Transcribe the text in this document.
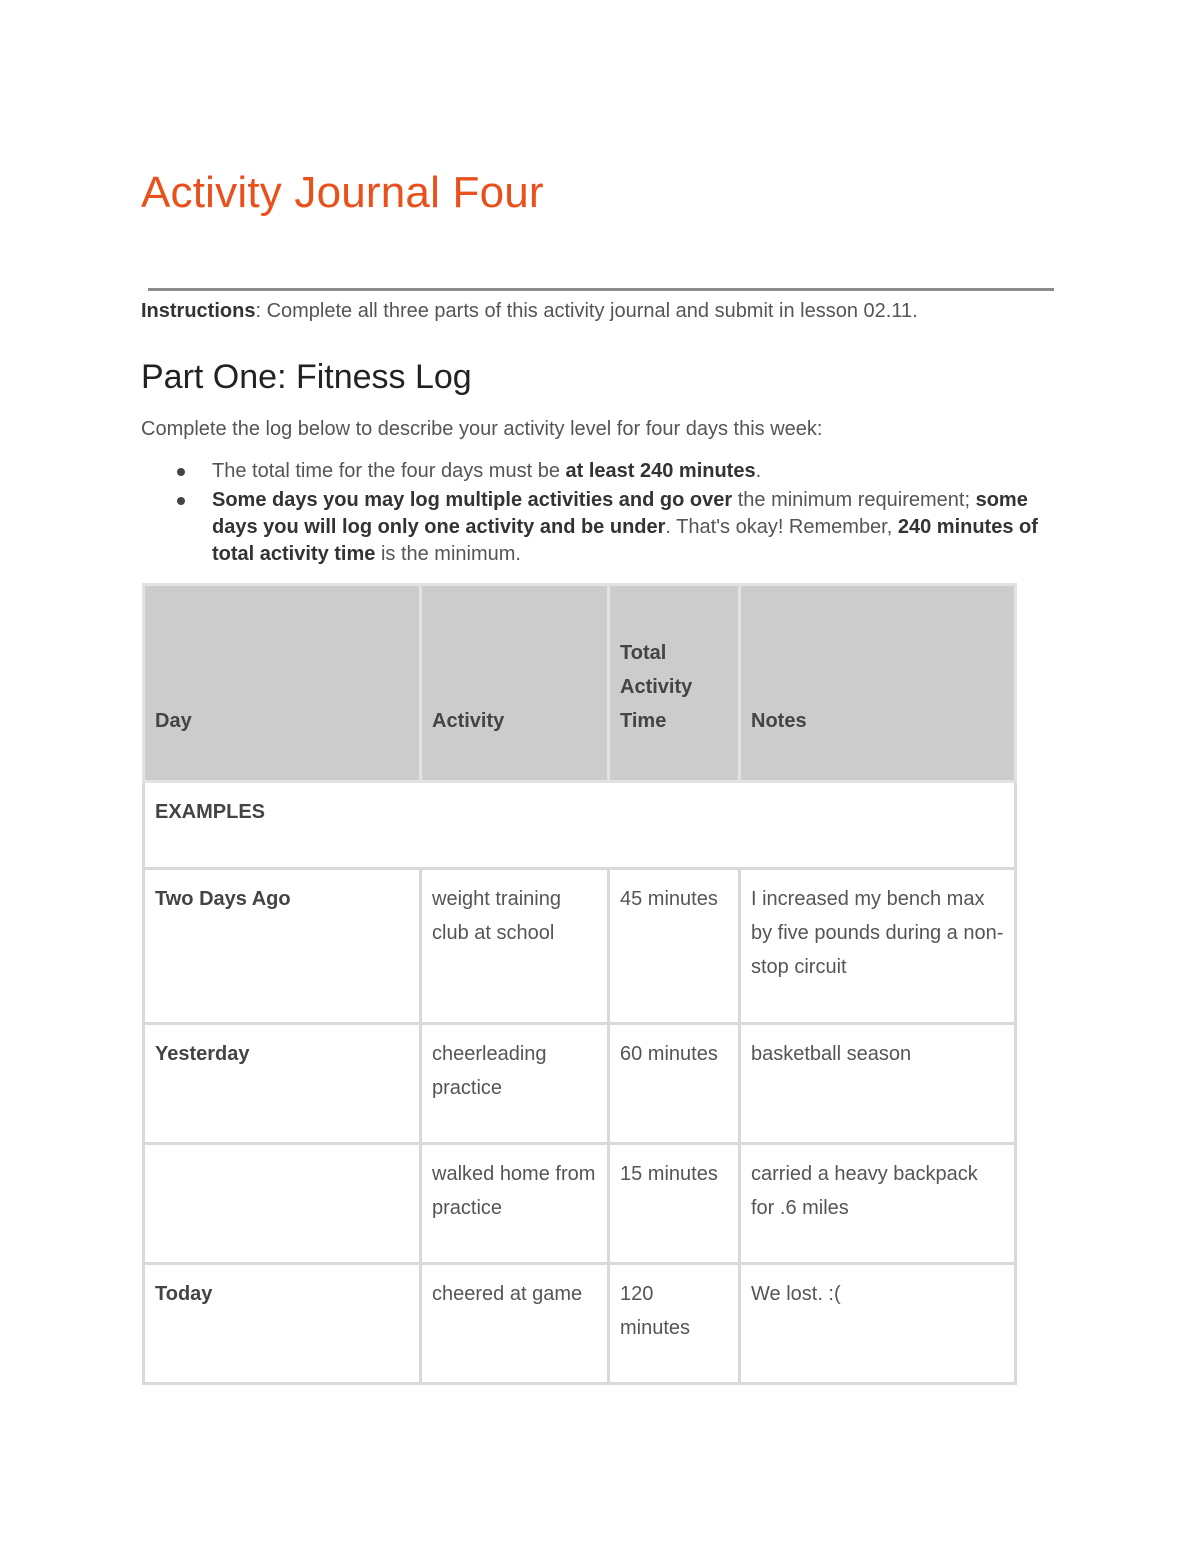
Activity Journal Four

Instructions: Complete all three parts of this activity journal and submit in lesson 02.11.

Part One: Fitness Log

Complete the log below to describe your activity level for four days this week:

The total time for the four days must be at least 240 minutes.
Some days you may log multiple activities and go over the minimum requirement; some days you will log only one activity and be under. That's okay! Remember, 240 minutes of total activity time is the minimum.
Day	Activity	Total Activity Time	Notes
EXAMPLES			
Two Days Ago	weight training club at school	45 minutes	I increased my bench max by five pounds during a non-stop circuit
Yesterday	cheerleading practice	60 minutes	basketball season
	walked home from practice	15 minutes	carried a heavy backpack for .6 miles
Today	cheered at game	120 minutes	We lost. :(
